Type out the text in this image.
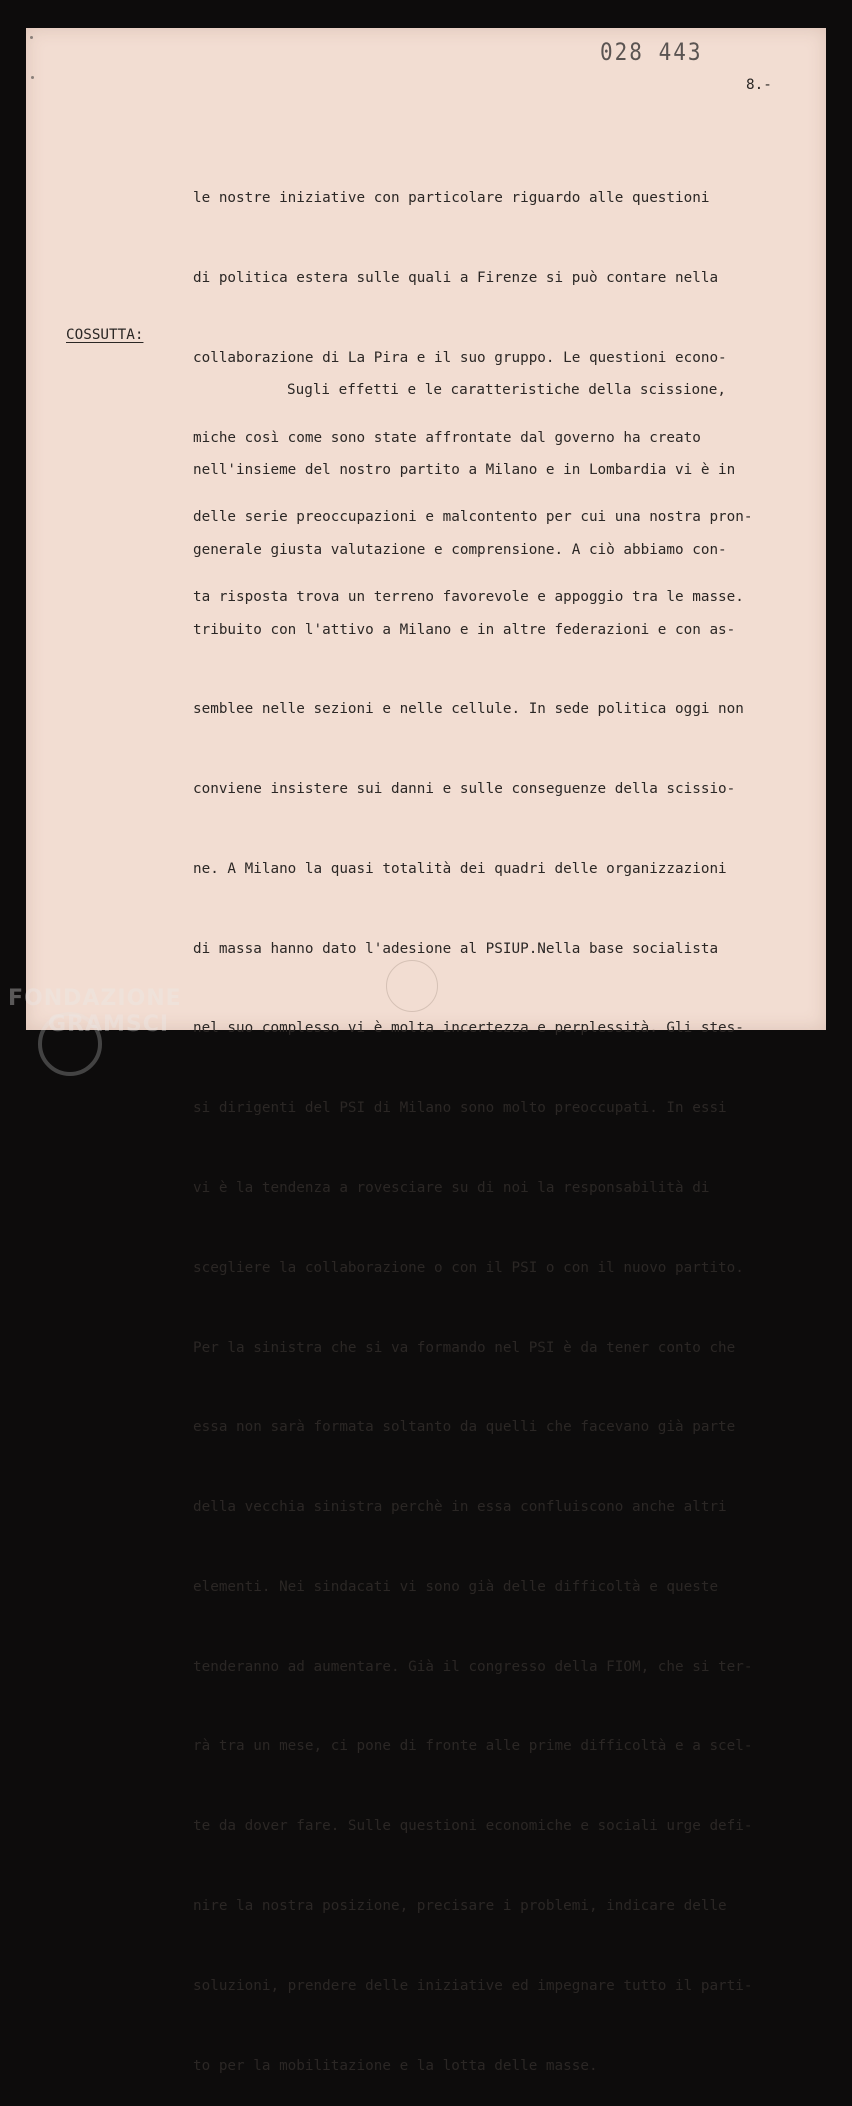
028 443
8.-

le nostre iniziative con particolare riguardo alle questioni

di politica estera sulle quali a Firenze si può contare nella

collaborazione di La Pira e il suo gruppo. Le questioni econo-

miche così come sono state affrontate dal governo ha creato

delle serie preoccupazioni e malcontento per cui una nostra pron-

ta risposta trova un terreno favorevole e appoggio tra le masse.

COSSUTTA:

Sugli effetti e le caratteristiche della scissione,

nell'insieme del nostro partito a Milano e in Lombardia vi è in

generale giusta valutazione e comprensione. A ciò abbiamo con-

tribuito con l'attivo a Milano e in altre federazioni e con as-

semblee nelle sezioni e nelle cellule. In sede politica oggi non

conviene insistere sui danni e sulle conseguenze della scissio-

ne. A Milano la quasi totalità dei quadri delle organizzazioni

di massa hanno dato l'adesione al PSIUP.Nella base socialista

nel suo complesso vi è molta incertezza e perplessità. Gli stes-

si dirigenti del PSI di Milano sono molto preoccupati. In essi

vi è la tendenza a rovesciare su di noi la responsabilità di

scegliere la collaborazione o con il PSI o con il nuovo partito.

Per la sinistra che si va formando nel PSI è da tener conto che

essa non sarà formata soltanto da quelli che facevano già parte

della vecchia sinistra perchè in essa confluiscono anche altri

elementi. Nei sindacati vi sono già delle difficoltà e queste

tenderanno ad aumentare. Già il congresso della FIOM, che si ter-

rà tra un mese, ci pone di fronte alle prime difficoltà e a scel-

te da dover fare. Sulle questioni economiche e sociali urge defi-

nire la nostra posizione, precisare i problemi, indicare delle

soluzioni, prendere delle iniziative ed impegnare tutto il parti-

to per la mobilitazione e la lotta delle masse.

FONDAZIONE
GRAMSCI
